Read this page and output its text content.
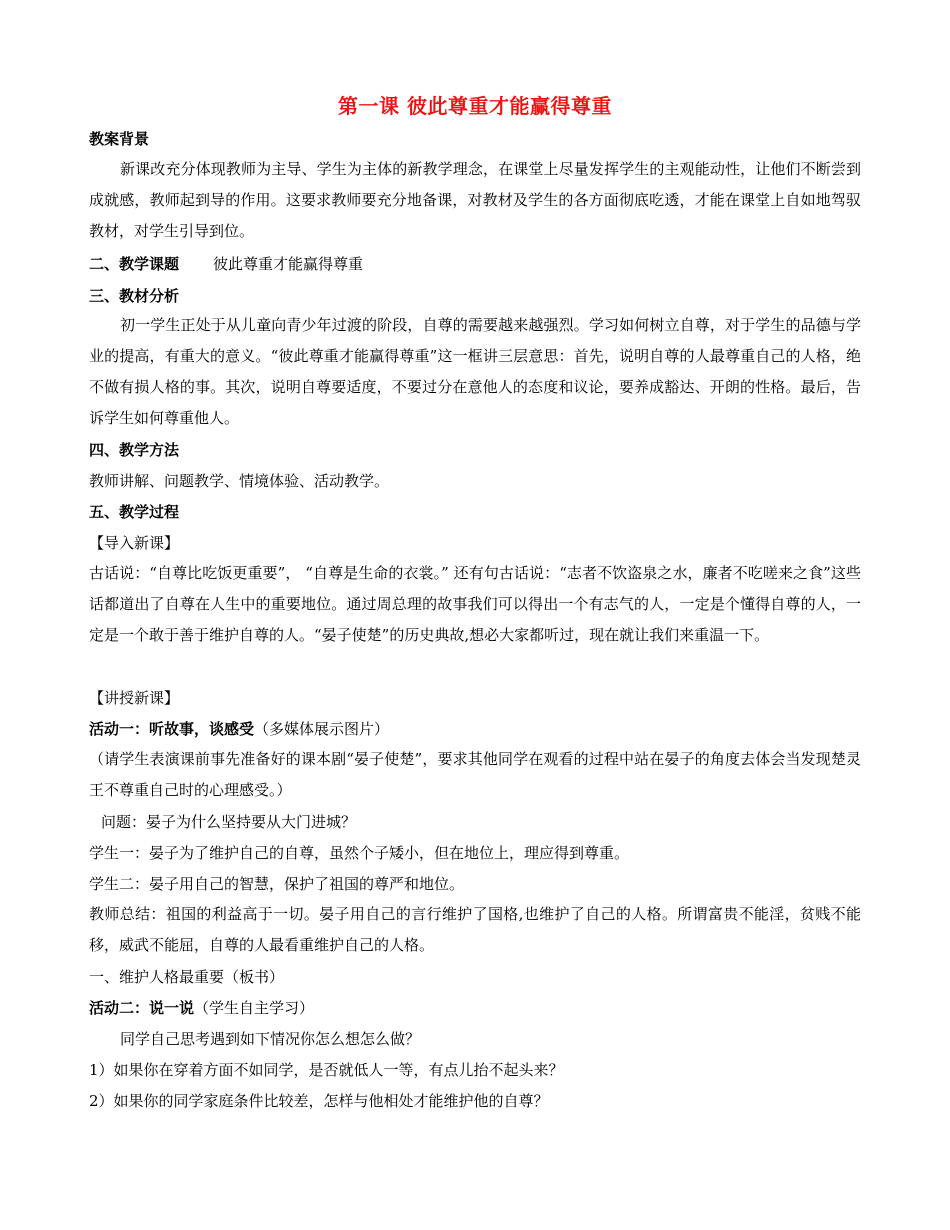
第一课 彼此尊重才能赢得尊重
教案背景
新课改充分体现教师为主导、学生为主体的新教学理念，在课堂上尽量发挥学生的主观能动性，让他们不断尝到成就感，教师起到导的作用。这要求教师要充分地备课，对教材及学生的各方面彻底吃透，才能在课堂上自如地驾驭教材，对学生引导到位。
二、教学课题 彼此尊重才能赢得尊重
三、教材分析
初一学生正处于从儿童向青少年过渡的阶段，自尊的需要越来越强烈。学习如何树立自尊，对于学生的品德与学业的提高，有重大的意义。“彼此尊重才能赢得尊重”这一框讲三层意思：首先，说明自尊的人最尊重自己的人格，绝不做有损人格的事。其次，说明自尊要适度，不要过分在意他人的态度和议论，要养成豁达、开朗的性格。最后，告诉学生如何尊重他人。
四、教学方法
教师讲解、问题教学、情境体验、活动教学。
五、教学过程
【导入新课】
古话说：“自尊比吃饭更重要”， “自尊是生命的衣裳。” 还有句古话说：“志者不饮盗泉之水，廉者不吃嗟来之食”这些话都道出了自尊在人生中的重要地位。通过周总理的故事我们可以得出一个有志气的人，一定是个懂得自尊的人，一定是一个敢于善于维护自尊的人。“晏子使楚”的历史典故,想必大家都听过，现在就让我们来重温一下。
【讲授新课】
活动一：听故事，谈感受（多媒体展示图片）
（请学生表演课前事先准备好的课本剧“晏子使楚”，要求其他同学在观看的过程中站在晏子的角度去体会当发现楚灵王不尊重自己时的心理感受。）
问题：晏子为什么坚持要从大门进城？
学生一：晏子为了维护自己的自尊，虽然个子矮小，但在地位上，理应得到尊重。
学生二：晏子用自己的智慧，保护了祖国的尊严和地位。
教师总结：祖国的利益高于一切。晏子用自己的言行维护了国格,也维护了自己的人格。所谓富贵不能淫，贫贱不能移，威武不能屈，自尊的人最看重维护自己的人格。
一、维护人格最重要（板书）
活动二：说一说（学生自主学习）
同学自己思考遇到如下情况你怎么想怎么做？
1）如果你在穿着方面不如同学，是否就低人一等，有点儿抬不起头来？
2）如果你的同学家庭条件比较差，怎样与他相处才能维护他的自尊？
